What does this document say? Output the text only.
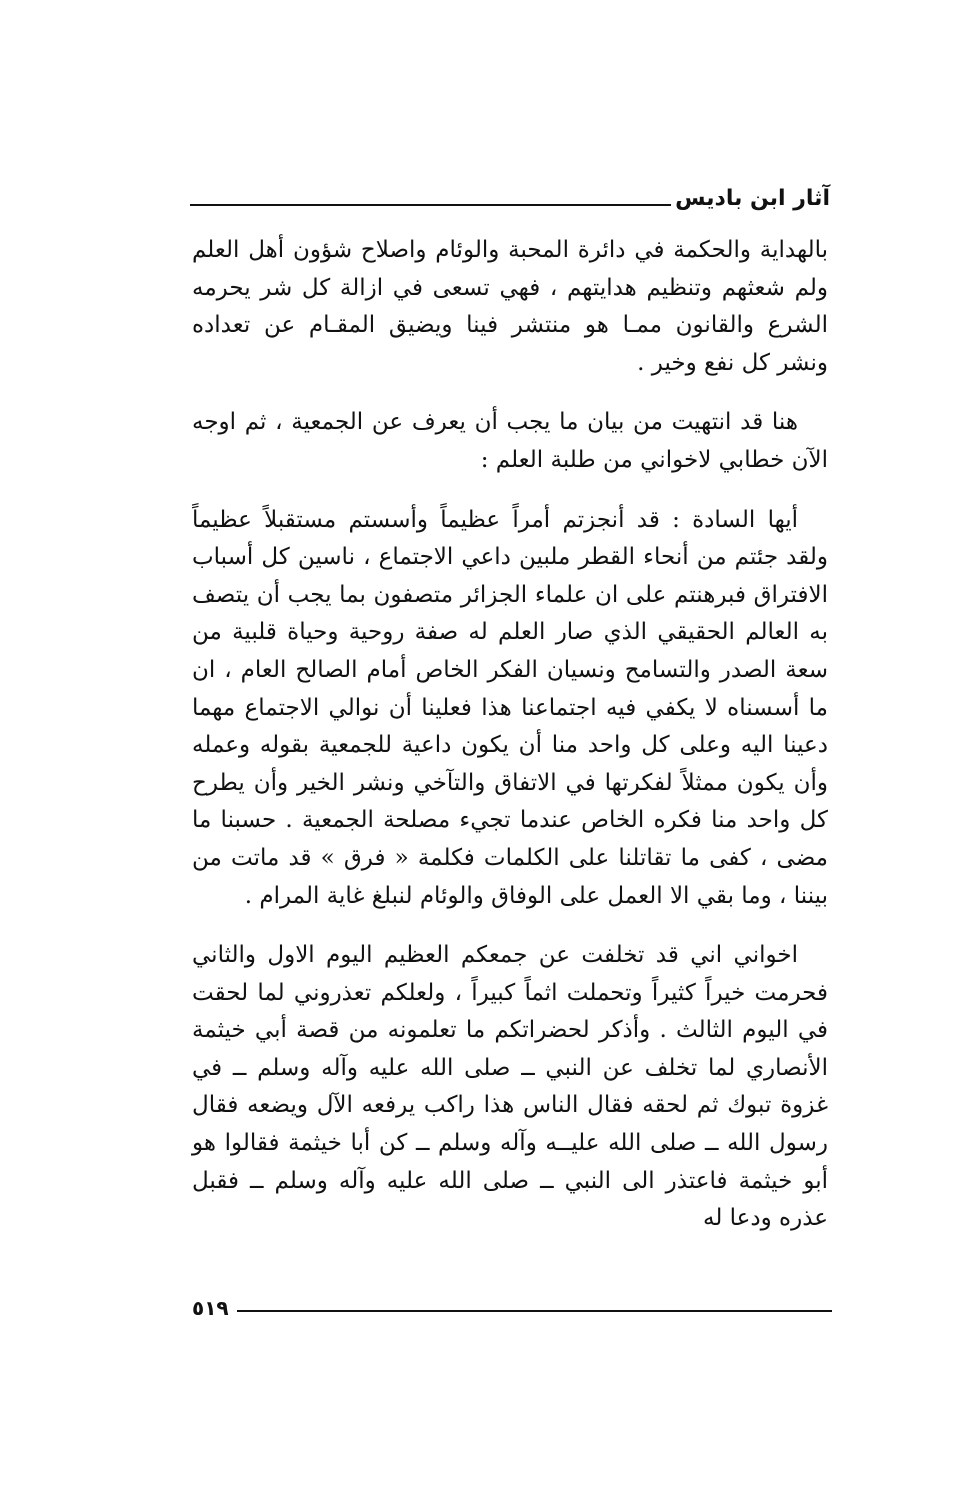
آثار ابن باديس

بالهداية والحكمة في دائرة المحبة والوئام واصلاح شؤون أهل العلم ولم شعثهم وتنظيم هدايتهم ، فهي تسعى في ازالة كل شر يحرمه الشرع والقانون ممـا هو منتشر فينا ويضيق المقـام عن تعداده ونشر كل نفع وخير .

هنا قد انتهيت من بيان ما يجب أن يعرف عن الجمعية ، ثم اوجه الآن خطابي لاخواني من طلبة العلم :

أيها السادة : قد أنجزتم أمراً عظيماً وأسستم مستقبلاً عظيماً ولقد جئتم من أنحاء القطر ملبين داعي الاجتماع ، ناسين كل أسباب الافتراق فبرهنتم على ان علماء الجزائر متصفون بما يجب أن يتصف به العالم الحقيقي الذي صار العلم له صفة روحية وحياة قلبية من سعة الصدر والتسامح ونسيان الفكر الخاص أمام الصالح العام ، ان ما أسسناه لا يكفي فيه اجتماعنا هذا فعلينا أن نوالي الاجتماع مهما دعينا اليه وعلى كل واحد منا أن يكون داعية للجمعية بقوله وعمله وأن يكون ممثلاً لفكرتها في الاتفاق والتآخي ونشر الخير وأن يطرح كل واحد منا فكره الخاص عندما تجيء مصلحة الجمعية . حسبنا ما مضى ، كفى ما تقاتلنا على الكلمات فكلمة « فرق » قد ماتت من بيننا ، وما بقي الا العمل على الوفاق والوئام لنبلغ غاية المرام .

اخواني اني قد تخلفت عن جمعكم العظيم اليوم الاول والثاني فحرمت خيراً كثيراً وتحملت اثماً كبيراً ، ولعلكم تعذروني لما لحقت في اليوم الثالث . وأذكر لحضراتكم ما تعلمونه من قصة أبي خيثمة الأنصاري لما تخلف عن النبي ــ صلى الله عليه وآله وسلم ــ في غزوة تبوك ثم لحقه فقال الناس هذا راكب يرفعه الآل ويضعه فقال رسول الله ــ صلى الله عليــه وآله وسلم ــ كن أبا خيثمة فقالوا هو أبو خيثمة فاعتذر الى النبي ــ صلى الله عليه وآله وسلم ــ فقبل عذره ودعا له

٥١٩
